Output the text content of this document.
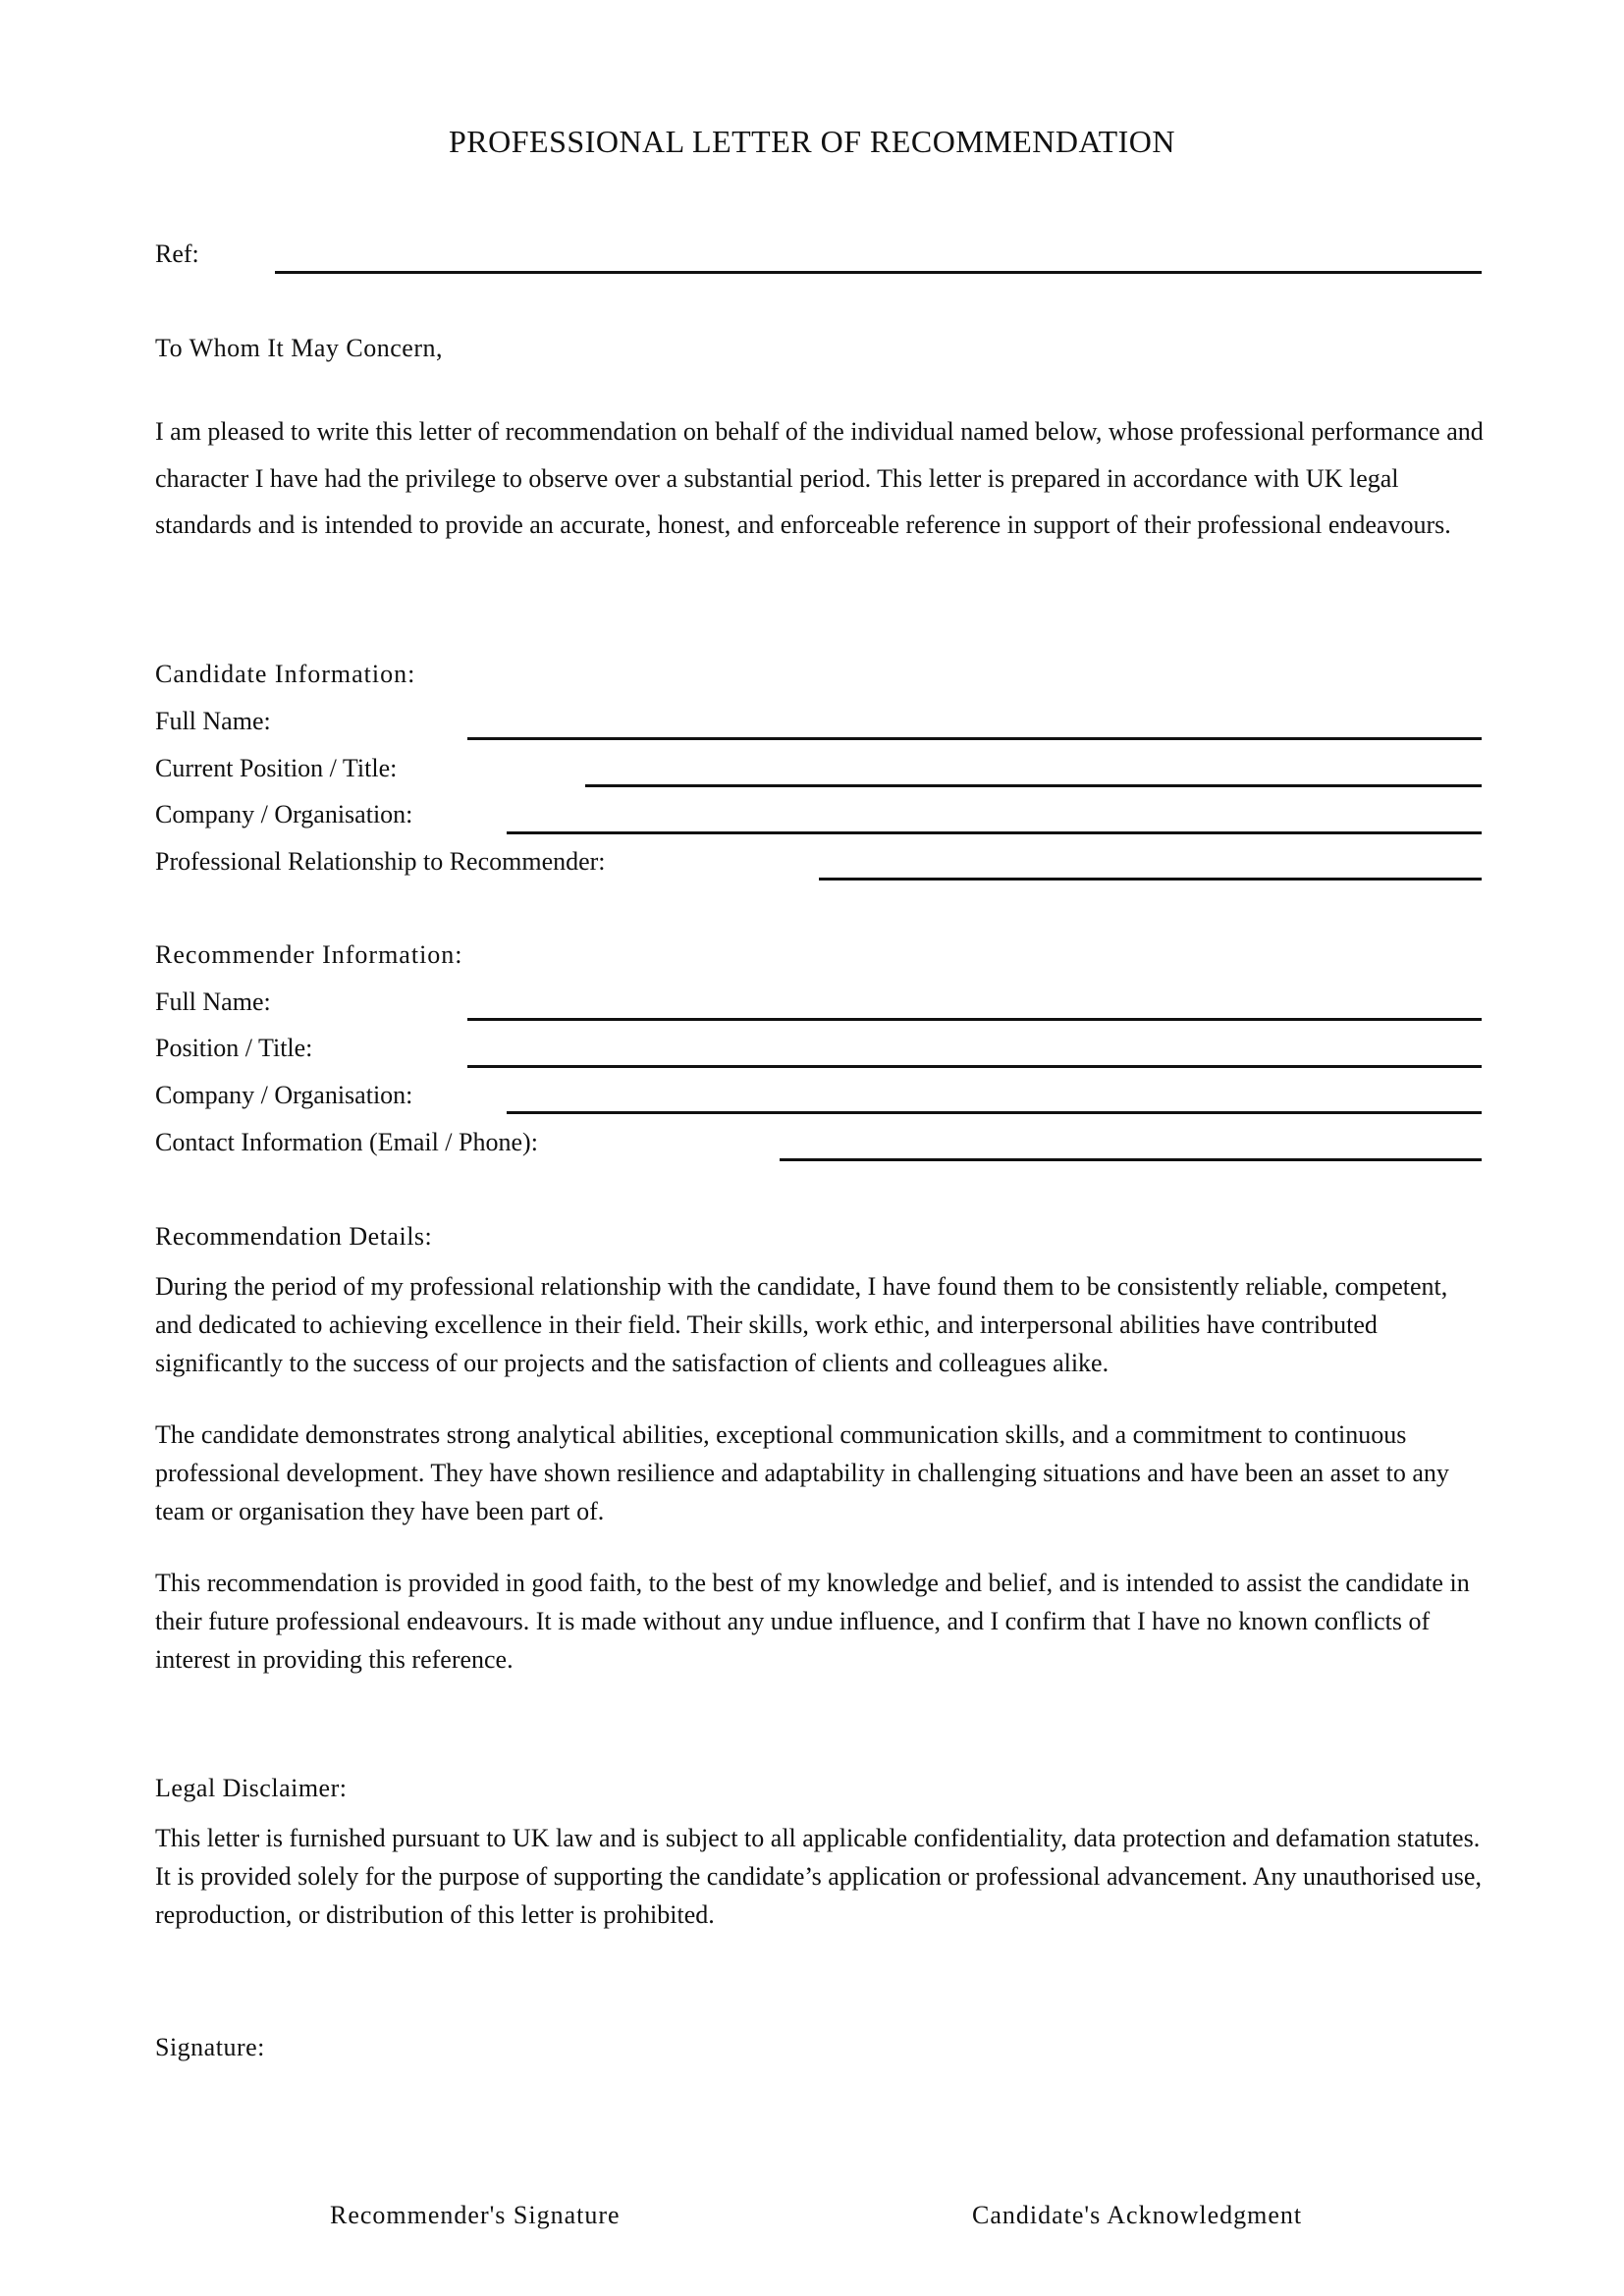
PROFESSIONAL LETTER OF RECOMMENDATION
Ref:
To Whom It May Concern,
I am pleased to write this letter of recommendation on behalf of the individual named below, whose professional performance and character I have had the privilege to observe over a substantial period. This letter is prepared in accordance with UK legal standards and is intended to provide an accurate, honest, and enforceable reference in support of their professional endeavours.
Candidate Information:
Full Name:
Current Position / Title:
Company / Organisation:
Professional Relationship to Recommender:
Recommender Information:
Full Name:
Position / Title:
Company / Organisation:
Contact Information (Email / Phone):
Recommendation Details:
During the period of my professional relationship with the candidate, I have found them to be consistently reliable, competent, and dedicated to achieving excellence in their field. Their skills, work ethic, and interpersonal abilities have contributed significantly to the success of our projects and the satisfaction of clients and colleagues alike.
The candidate demonstrates strong analytical abilities, exceptional communication skills, and a commitment to continuous professional development. They have shown resilience and adaptability in challenging situations and have been an asset to any team or organisation they have been part of.
This recommendation is provided in good faith, to the best of my knowledge and belief, and is intended to assist the candidate in their future professional endeavours. It is made without any undue influence, and I confirm that I have no known conflicts of interest in providing this reference.
Legal Disclaimer:
This letter is furnished pursuant to UK law and is subject to all applicable confidentiality, data protection and defamation statutes. It is provided solely for the purpose of supporting the candidate’s application or professional advancement. Any unauthorised use, reproduction, or distribution of this letter is prohibited.
Signature:
Recommender's Signature	Candidate's Acknowledgment
